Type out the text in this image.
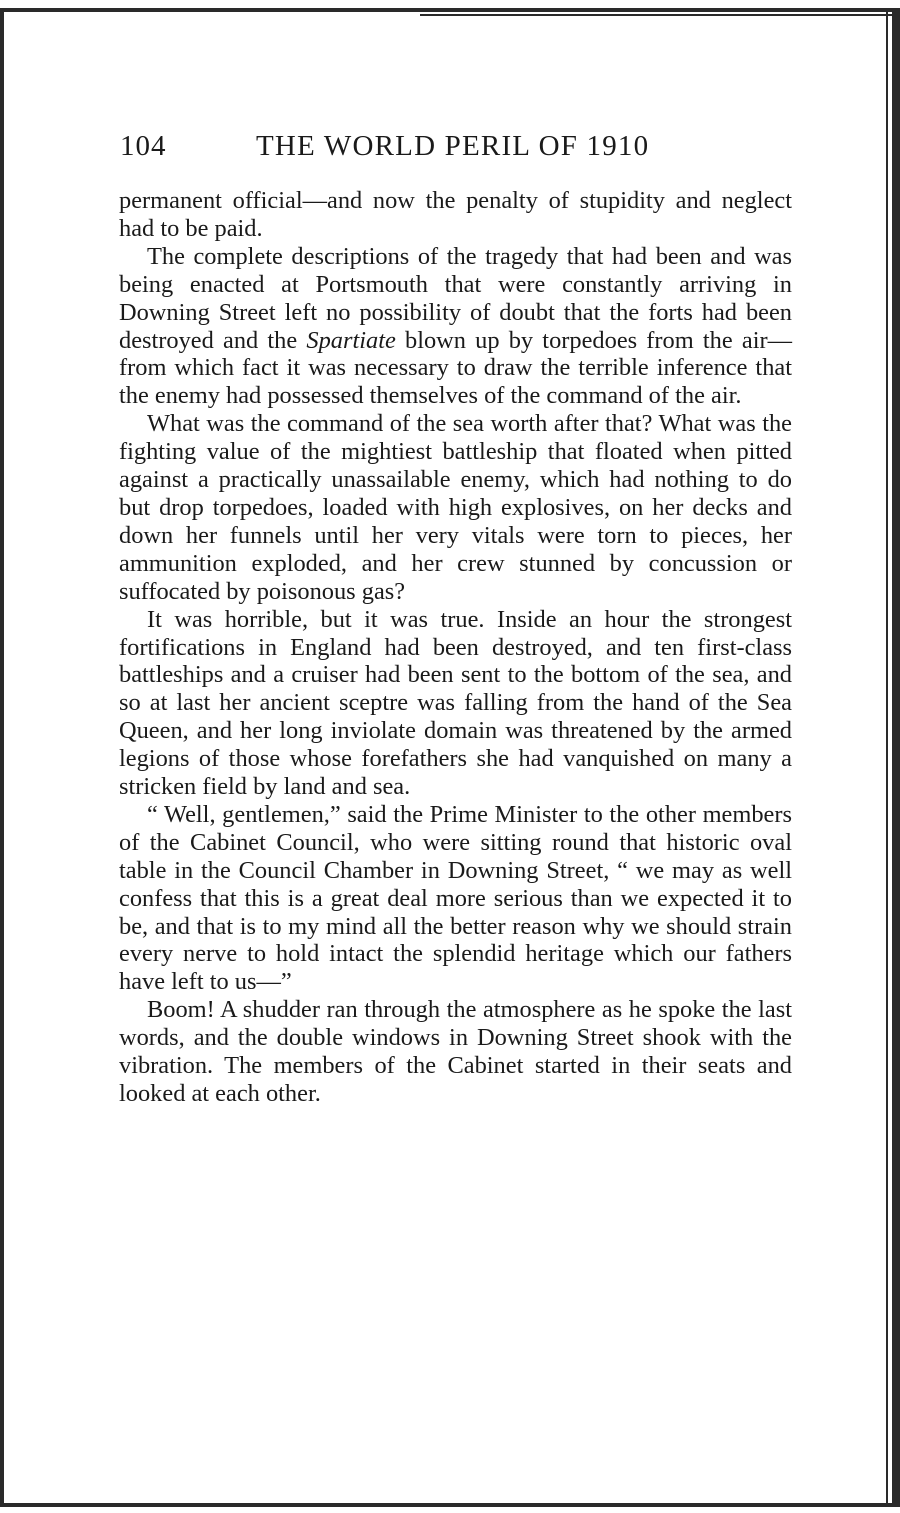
104	THE WORLD PERIL OF 1910

permanent official—and now the penalty of stupidity and neglect had to be paid.

The complete descriptions of the tragedy that had been and was being enacted at Portsmouth that were constantly arriving in Downing Street left no possibility of doubt that the forts had been destroyed and the Spartiate blown up by torpedoes from the air—from which fact it was necessary to draw the terrible inference that the enemy had possessed themselves of the command of the air.

What was the command of the sea worth after that? What was the fighting value of the mightiest battleship that floated when pitted against a practically unassailable enemy, which had nothing to do but drop torpedoes, loaded with high explosives, on her decks and down her funnels until her very vitals were torn to pieces, her ammunition exploded, and her crew stunned by concussion or suffocated by poisonous gas?

It was horrible, but it was true. Inside an hour the strongest fortifications in England had been destroyed, and ten first-class battleships and a cruiser had been sent to the bottom of the sea, and so at last her ancient sceptre was falling from the hand of the Sea Queen, and her long inviolate domain was threatened by the armed legions of those whose forefathers she had vanquished on many a stricken field by land and sea.

“ Well, gentlemen,” said the Prime Minister to the other members of the Cabinet Council, who were sitting round that historic oval table in the Council Chamber in Downing Street, “ we may as well confess that this is a great deal more serious than we expected it to be, and that is to my mind all the better reason why we should strain every nerve to hold intact the splendid heritage which our fathers have left to us—”

Boom! A shudder ran through the atmosphere as he spoke the last words, and the double windows in Downing Street shook with the vibration. The members of the Cabinet started in their seats and looked at each other.
